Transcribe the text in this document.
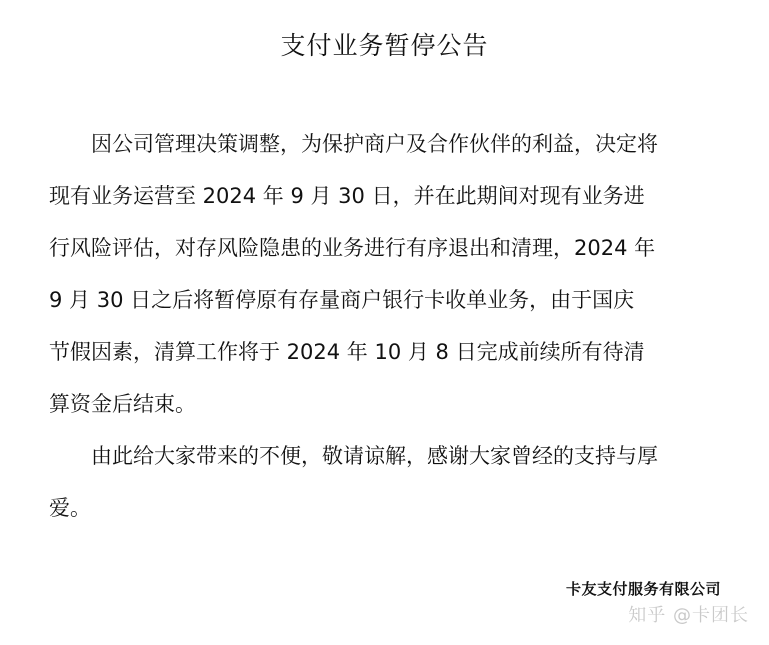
支付业务暂停公告
因公司管理决策调整，为保护商户及合作伙伴的利益，决定将
现有业务运营至 2024 年 9 月 30 日，并在此期间对现有业务进
行风险评估，对存风险隐患的业务进行有序退出和清理，2024 年
9 月 30 日之后将暂停原有存量商户银行卡收单业务，由于国庆
节假因素，清算工作将于 2024 年 10 月 8 日完成前续所有待清
算资金后结束。
由此给大家带来的不便，敬请谅解，感谢大家曾经的支持与厚
爱。
卡友支付服务有限公司
知乎 @卡团长
